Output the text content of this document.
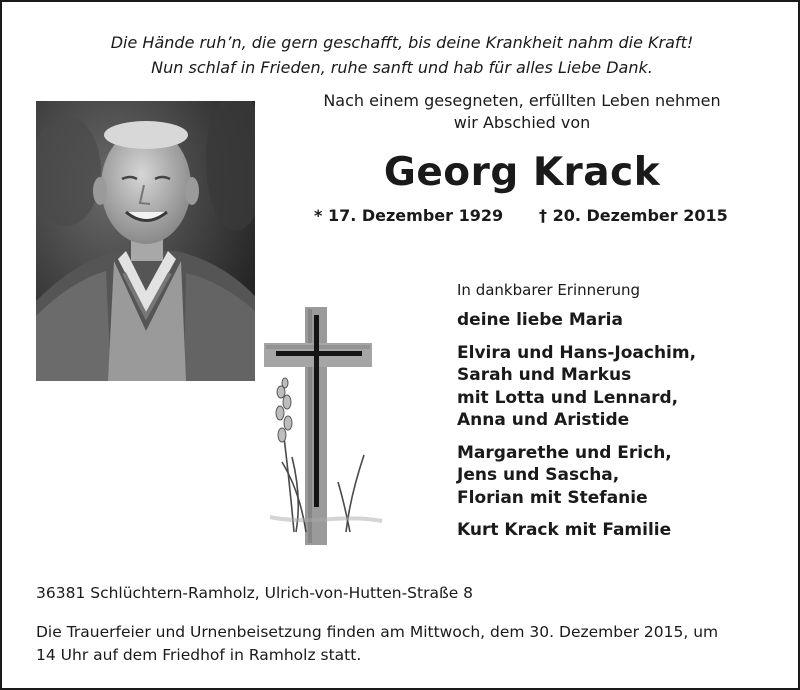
Die Hände ruh’n, die gern geschafft, bis deine Krankheit nahm die Kraft!
Nun schlaf in Frieden, ruhe sanft und hab für alles Liebe Dank.
Nach einem gesegneten, erfüllten Leben nehmen
wir Abschied von
Georg Krack
* 17. Dezember 1929 † 20. Dezember 2015
In dankbarer Erinnerung
deine liebe Maria
Elvira und Hans-Joachim,
Sarah und Markus
mit Lotta und Lennard,
Anna und Aristide
Margarethe und Erich,
Jens und Sascha,
Florian mit Stefanie
Kurt Krack mit Familie
36381 Schlüchtern-Ramholz, Ulrich-von-Hutten-Straße 8
Die Trauerfeier und Urnenbeisetzung finden am Mittwoch, dem 30. Dezember 2015, um
14 Uhr auf dem Friedhof in Ramholz statt.
